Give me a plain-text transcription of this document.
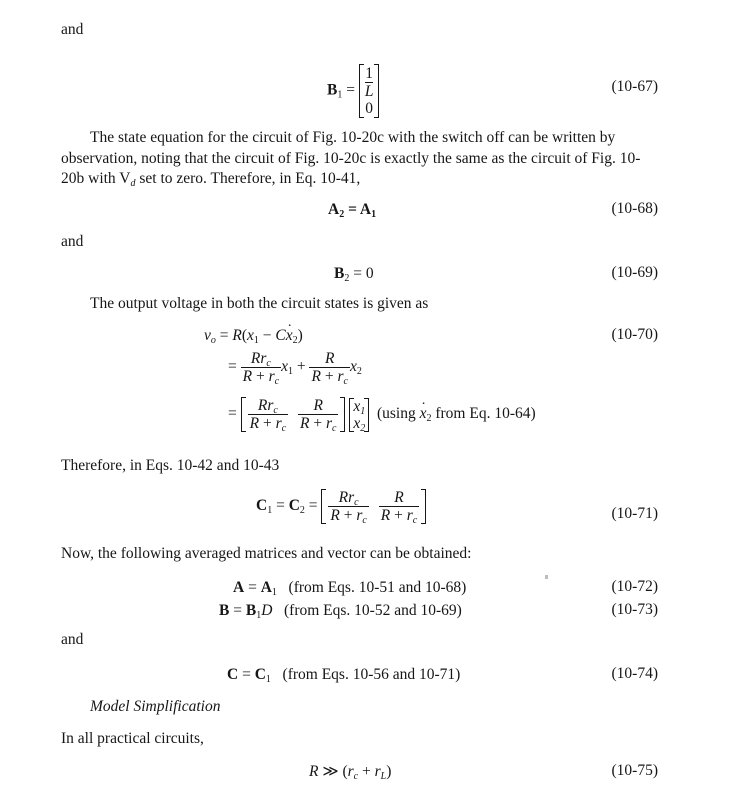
and
$B_1$ =
1
L
0
(10-67)
The state equation for the circuit of Fig. 10-20c with the switch off can be written by observation, noting that the circuit of Fig. 10-20c is exactly the same as the circuit of Fig. 10-20b with $V_d$ set to zero. Therefore, in Eq. 10-41,
$A_2 = A_1$	(10-68)
and
$B_2 = 0$	(10-69)
The output voltage in both the circuit states is given as
$v_o = R(x_1 - Cx \cdot_2)$	(10-70)
= $\frac{Rr_c}{R + r_c} x_1 + \frac{R}{R + r_c} x_2$
= $\frac{Rr_c}{R + r_c}$
$\frac{R}{R + r_c}$
$x_1$
$x_2$
(using $x \cdot_2$ from Eq. 10-64)
Therefore, in Eqs. 10-42 and 10-43
$C_1 = C_2 = \frac{Rr_c}{R + r_c}$
$\frac{R}{R + r_c}$	(10-71)
Now, the following averaged matrices and vector can be obtained:
$A = A_1$ (from Eqs. 10-51 and 10-68)	(10-72)
$B = B_1D$ (from Eqs. 10-52 and 10-69)	(10-73)
and
$C = C_1$ (from Eqs. 10-56 and 10-71)	(10-74)
Model Simplification
In all practical circuits,
R ≫ $(r_c + r_L)$	(10-75)
